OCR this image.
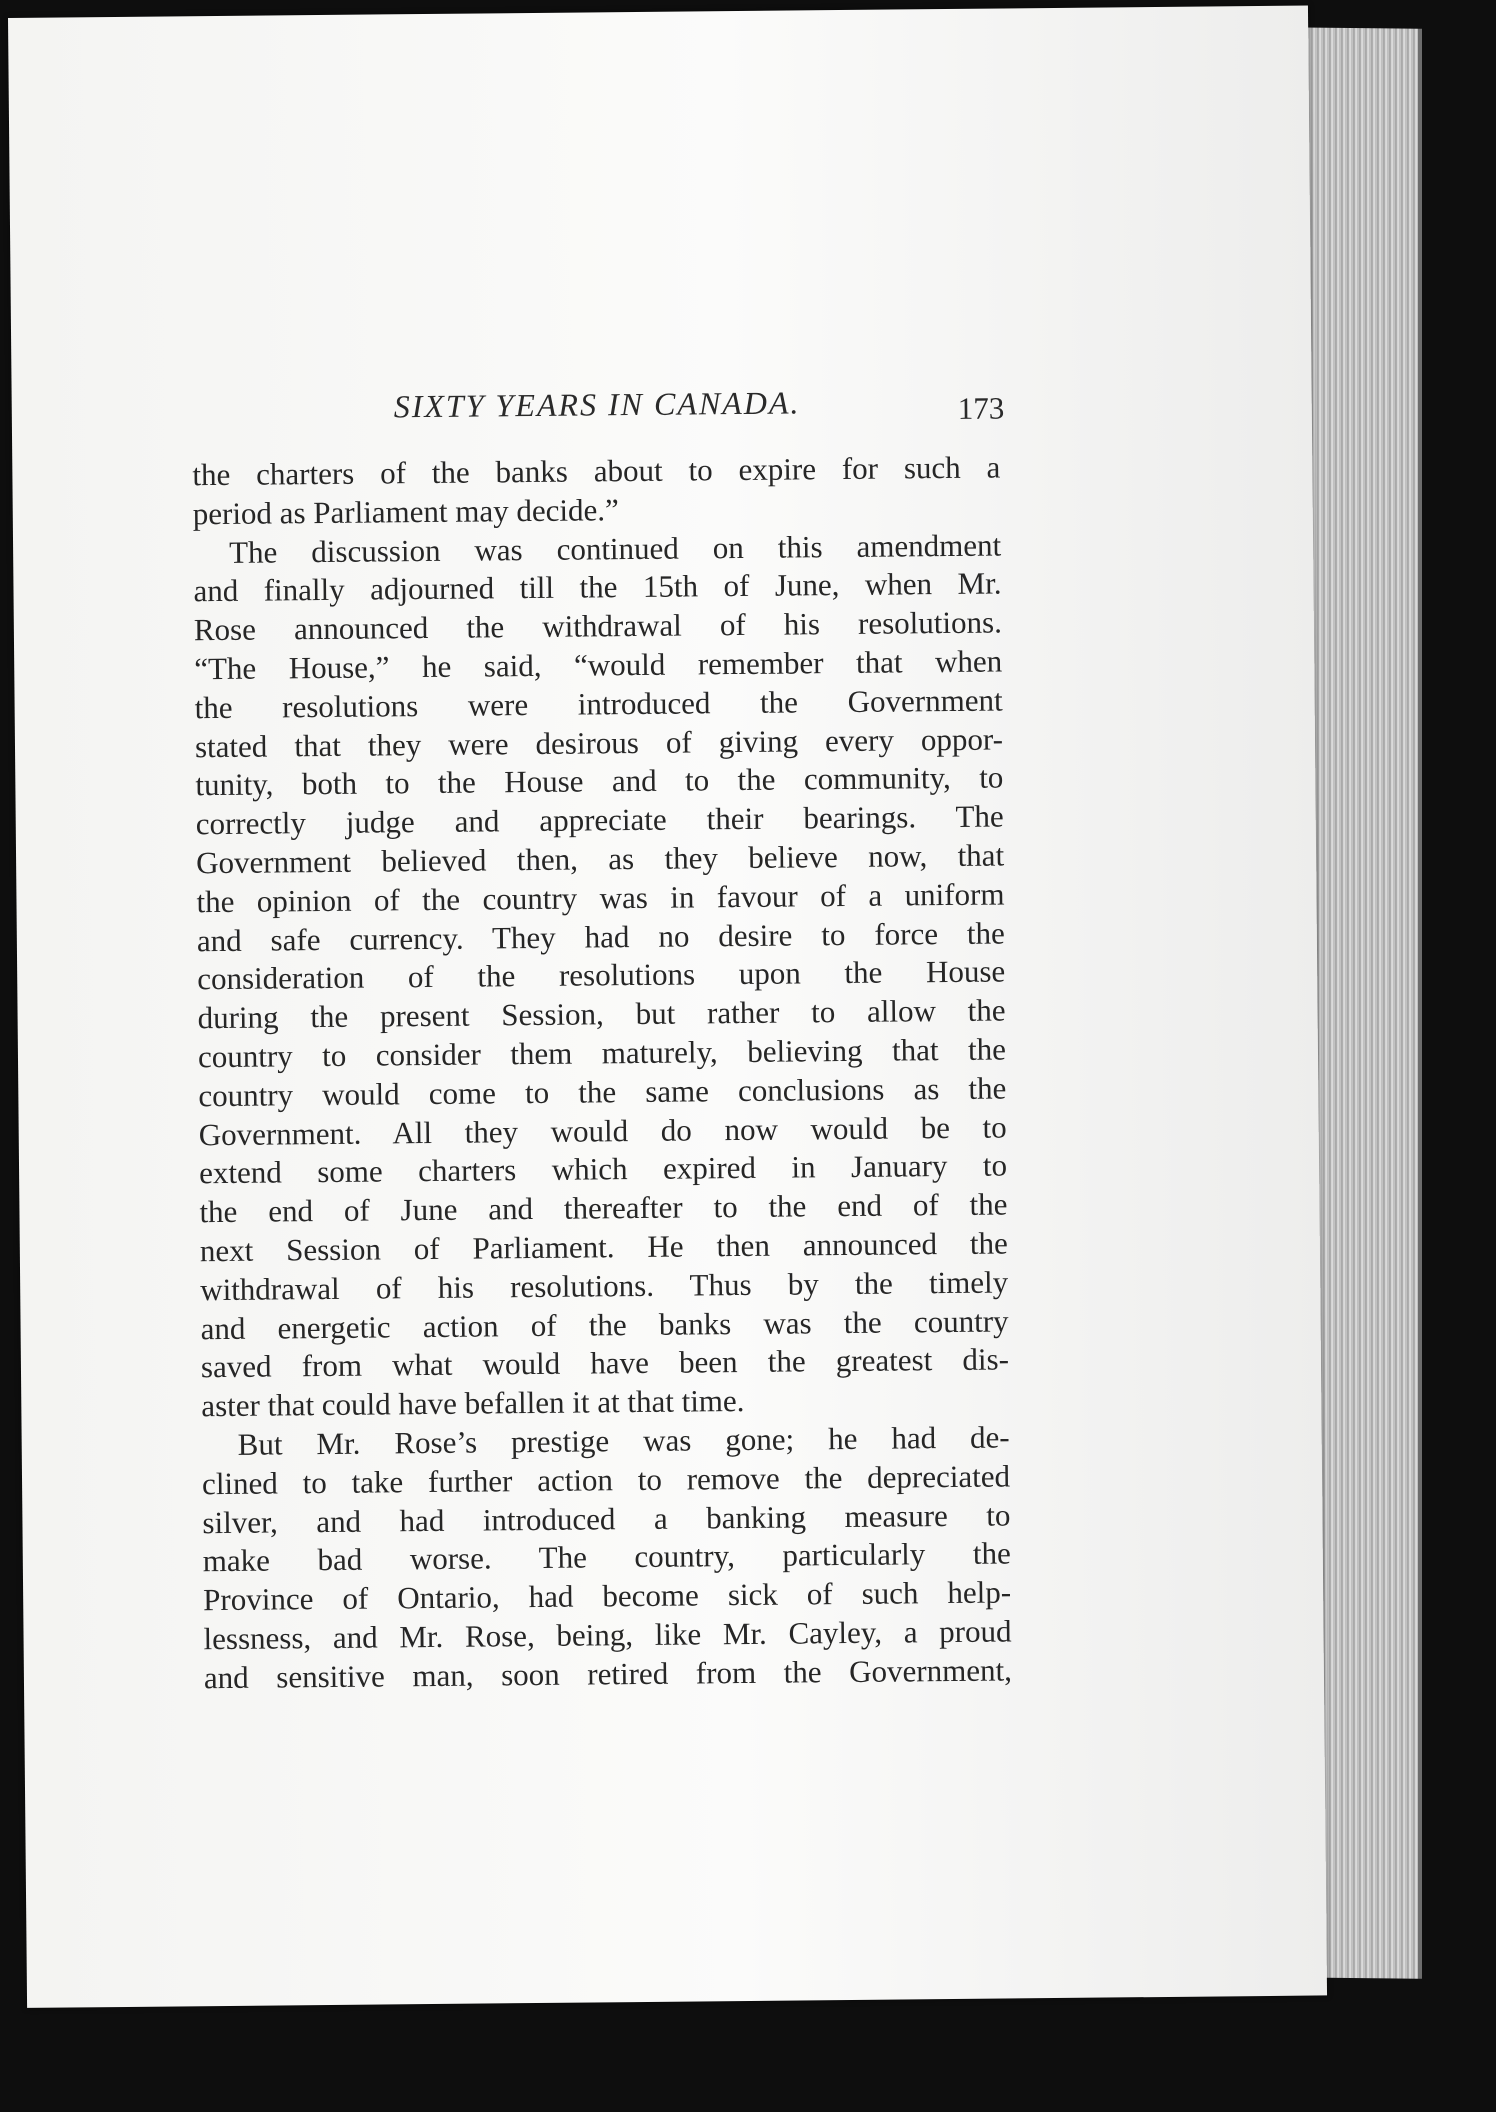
SIXTY YEARS IN CANADA.	173
the charters of the banks about to expire for such a
period as Parliament may decide.”
The discussion was continued on this amendment
and finally adjourned till the 15th of June, when Mr.
Rose announced the withdrawal of his resolutions.
“The House,” he said, “would remember that when
the resolutions were introduced the Government
stated that they were desirous of giving every oppor-
tunity, both to the House and to the community, to
correctly judge and appreciate their bearings. The
Government believed then, as they believe now, that
the opinion of the country was in favour of a uniform
and safe currency. They had no desire to force the
consideration of the resolutions upon the House
during the present Session, but rather to allow the
country to consider them maturely, believing that the
country would come to the same conclusions as the
Government. All they would do now would be to
extend some charters which expired in January to
the end of June and thereafter to the end of the
next Session of Parliament. He then announced the
withdrawal of his resolutions. Thus by the timely
and energetic action of the banks was the country
saved from what would have been the greatest dis-
aster that could have befallen it at that time.
But Mr. Rose’s prestige was gone; he had de-
clined to take further action to remove the depreciated
silver, and had introduced a banking measure to
make bad worse. The country, particularly the
Province of Ontario, had become sick of such help-
lessness, and Mr. Rose, being, like Mr. Cayley, a proud
and sensitive man, soon retired from the Government,
